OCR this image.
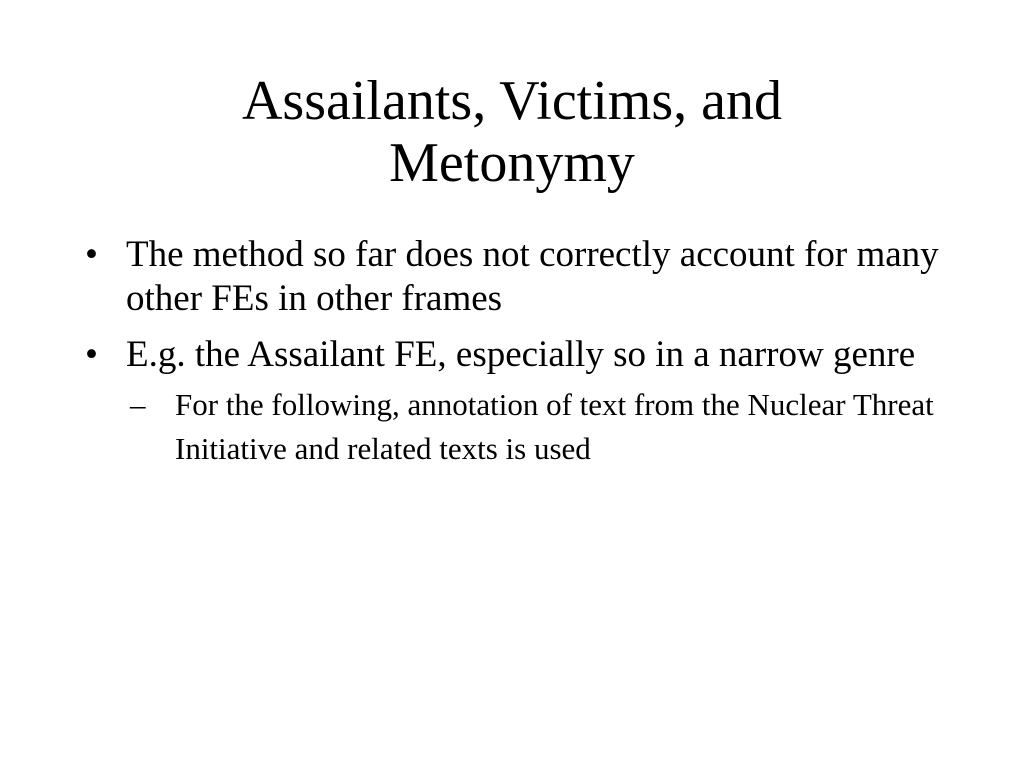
Assailants, Victims, and
Metonymy
• The method so far does not correctly account for many other FEs in other frames
• E.g. the Assailant FE, especially so in a narrow genre
– For the following, annotation of text from the Nuclear Threat Initiative and related texts is used
